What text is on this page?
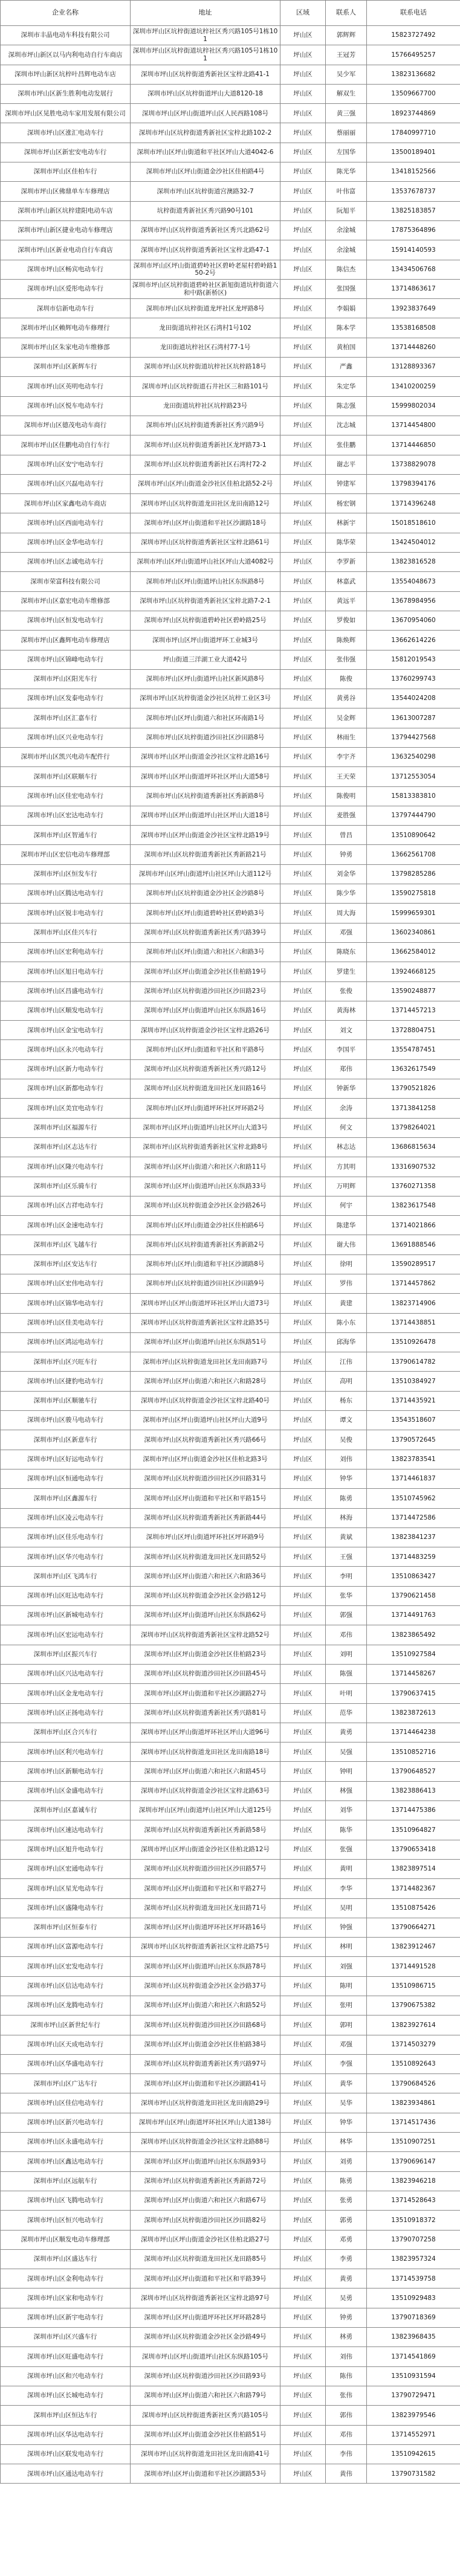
企业名称	地址	区域	联系人	联系电话
深圳市丰晶电动车科技有限公司	深圳市坪山区坑梓街道坑梓社区秀兴路105号1栋101	坪山区	郭辉辉	15823727492
深圳市坪山新区以马内利电动自行车商店	深圳市坪山区坑梓街道坑梓社区秀兴路105号1栋101	坪山区	王冠芳	15766495257
深圳市坪山新区坑梓叶昌辉电动车店	深圳市坪山区坑梓街道秀新社区宝梓北路41-1	坪山区	吴少军	13823136682
深圳市坪山区新生胜利电动发展行	深圳市坪山区坑梓街道坪山大道8120-18	坪山区	解双生	13509667700
深圳市坪山区晃胜电动车家用发展有限公司	深圳市坪山区坪山街道坪山区人民西路108号	坪山区	黄三强	18923744869
深圳市坪山区涨汇电动车行	深圳市坪山区坑梓街道秀新社区宝梓北路102-2	坪山区	蔡丽丽	17840997710
深圳市坪山区新宏安电动车行	深圳市坪山区坪山街道和平社区坪山大道4042-6	坪山区	左国华	13500189401
深圳市坪山区佳柏车行	深圳市坪山区坪山街道金沙社区佳柏路4号	坪山区	陈光华	13418152566
深圳市坪山区佛鼎单车车修理店	深圳市坪山区坑梓街道宫澳路32-7	坪山区	叶伟富	13537678737
深圳市坪山新区坑梓建阳电动车店	坑梓街道秀新社区秀兴路90号101	坪山区	阮旭平	13825183857
深圳市坪山新区捷业电动车修理店	深圳市坪山区坑梓街道秀新社区秀兴北路62号	坪山区	余淦城	17875364896
深圳市坪山区新业电动自行车商店	深圳市坪山区坑梓街道秀新社区宝梓北路47-1	坪山区	余淦城	15914140593
深圳市坪山区畅宾电动车行	深圳市坪山区坪山街道碧岭社区碧岭老屋村碧岭路150-2号	坪山区	陈信杰	13434506768
深圳市坪山区爱彤电动车行	深圳市坪山区坑梓街道碧岭社区新旭街道坑梓街道六和中路(新桥区)	坪山区	张国强	13714863617
深圳市信新电动车行	深圳市坪山区坑梓街道龙坪社区龙坪路8号	坪山区	李娟娟	13923837649
深圳市坪山区赖辉电动车修理行	龙田街道坑梓社区石湾村1号102	坪山区	陈本学	13538168508
深圳市坪山区朱家电动车维修部	龙田街道坑梓社区石湾村77-1号	坪山区	黄柏国	13714448260
深圳市坪山区新辉车行	深圳市坪山区坑梓街道坑梓社区坑梓路18号	坪山区	严鑫	13128893367
深圳市坪山区英明电动车行	深圳市坪山区坑梓街道石井社区三和路101号	坪山区	朱定华	13410200259
深圳市坪山区悦车电动车行	龙田街道坑梓社区坑梓路23号	坪山区	陈志强	15999802034
深圳市坪山区德茂电动车商行	深圳市坪山区坑梓街道秀新社区秀兴路9号	坪山区	沈志城	13714454800
深圳市坪山区佳鹏电动自行车行	深圳市坪山区坑梓街道秀新社区龙坪路73-1	坪山区	张佳鹏	13714446850
深圳市坪山区安宁电动车行	深圳市坪山区坑梓街道秀新社区石湾村72-2	坪山区	谢志平	13738829078
深圳市坪山区兴磊电动车行	深圳市坪山区坪山街道金沙社区佳柏北路52-2号	坪山区	钟建军	13798394176
深圳市坪山区家鑫电动车商店	深圳市坪山区坑梓街道龙田社区龙田南路12号	坪山区	杨宏钢	13714396248
深圳市坪山区西面电动车行	深圳市坪山区坪山街道和平社区沙湖路18号	坪山区	林新宇	15018518610
深圳市坪山区金华电动车行	深圳市坪山区坑梓街道秀新社区宝梓北路61号	坪山区	陈华荣	13424504012
深圳市坪山区志诚电动车行	深圳市坪山区坪山街道坪山社区坪山大道4082号	坪山区	李罗新	13823816528
深圳市荣富科技有限公司	深圳市坪山区坪山街道坪山社区东纵路8号	坪山区	林嘉武	13554048673
深圳市坪山区嘉宏电动车维修部	深圳市坪山区坑梓街道秀新社区宝梓北路7-2-1	坪山区	黄远平	13678984956
深圳市坪山区恒发电动车行	深圳市坪山区坑梓街道碧岭社区碧岭路25号	坪山区	罗俊如	13670954060
深圳市坪山区鑫辉电动车修理店	深圳市坪山区坪山街道坪环工业城3号	坪山区	陈焕辉	13662614226
深圳市坪山区锦峰电动车行	坪山街道三洋湖工业大道42号	坪山区	张伟强	15812019543
深圳市坪山区阳光车行	深圳市坪山区坪山街道坪山社区新风路8号	坪山区	陈俊	13760299743
深圳市坪山区发泰电动车行	深圳市坪山区坑梓街道金沙社区坑梓工业区3号	坪山区	黄勇谷	13544024208
深圳市坪山区汇嘉车行	深圳市坪山区坪山街道六和社区环南路1号	坪山区	吴金辉	13613007287
深圳市坪山区兴业电动车行	深圳市坪山区坑梓街道沙田社区沙田路8号	坪山区	林雨生	13794427568
深圳市坪山区凯兴电动车配件行	深圳市坪山区坪山街道金沙社区宝梓北路16号	坪山区	李宇齐	13632540298
深圳市坪山区联顺车行	深圳市坪山区坪山街道坪环社区坪山大道58号	坪山区	王天荣	13712553054
深圳市坪山区佳宏电动车行	深圳市坪山区坑梓街道秀新社区秀新路8号	坪山区	陈俊明	15813383810
深圳市坪山区宏达电动车行	深圳市坪山区坪山街道坪山社区坪山大道18号	坪山区	麦胜强	13797444790
深圳市坪山区智通车行	深圳市坪山区坪山街道金沙社区宝梓北路19号	坪山区	曾昌	13510890642
深圳市坪山区宏信电动车修理部	深圳市坪山区坑梓街道秀新社区秀新路21号	坪山区	钟勇	13662561708
深圳市坪山区恒发车行	深圳市坪山区坪山街道坪山社区坪山大道112号	坪山区	刘金华	13798285286
深圳市坪山区腾达电动车行	深圳市坪山区坑梓街道金沙社区金沙路8号	坪山区	陈少华	13590275818
深圳市坪山区锐丰电动车行	深圳市坪山区坪山街道碧岭社区碧岭路3号	坪山区	周大海	15999659301
深圳市坪山区佳兴车行	深圳市坪山区坑梓街道秀新社区秀兴路39号	坪山区	邓强	13602340861
深圳市坪山区宏利电动车行	深圳市坪山区坪山街道六和社区六和路3号	坪山区	陈晓东	13662584012
深圳市坪山区旭日电动车行	深圳市坪山区坪山街道金沙社区佳柏路19号	坪山区	罗建生	13924668125
深圳市坪山区昌盛电动车行	深圳市坪山区坑梓街道沙田社区沙田路23号	坪山区	张俊	13590248877
深圳市坪山区顺发电动车行	深圳市坪山区坪山街道坪山社区东纵路16号	坪山区	黄海林	13714457213
深圳市坪山区金宝电动车行	深圳市坪山区坑梓街道金沙社区宝梓北路26号	坪山区	刘文	13728804751
深圳市坪山区永兴电动车行	深圳市坪山区坪山街道和平社区和平路8号	坪山区	李国平	13554787451
深圳市坪山区新力电动车行	深圳市坪山区坑梓街道秀新社区秀兴路12号	坪山区	郑伟	13632617549
深圳市坪山区新都电动车行	深圳市坪山区坑梓街道龙田社区龙田路16号	坪山区	钟新华	13790521826
深圳市坪山区美宜电动车行	深圳市坪山区坪山街道坪环社区坪环路2号	坪山区	余涛	13713841258
深圳市坪山区福源车行	深圳市坪山区坪山街道坪山社区坪山大道3号	坪山区	何文	13798264021
深圳市坪山区志达车行	深圳市坪山区坑梓街道秀新社区宝梓北路8号	坪山区	林志达	13686815634
深圳市坪山区隆兴电动车行	深圳市坪山区坪山街道六和社区六和路11号	坪山区	方其明	13316907532
深圳市坪山区乐骑车行	深圳市坪山区坪山街道坪山社区东纵路33号	坪山区	万明辉	13760271358
深圳市坪山区吉祥电动车行	深圳市坪山区坑梓街道金沙社区金沙路26号	坪山区	何宇	13823617548
深圳市坪山区金速电动车行	深圳市坪山区坪山街道金沙社区佳柏路6号	坪山区	陈建华	13714021866
深圳市坪山区飞越车行	深圳市坪山区坑梓街道秀新社区秀新路2号	坪山区	谢大伟	13691888546
深圳市坪山区安达车行	深圳市坪山区坪山街道和平社区沙湖路8号	坪山区	徐明	13590289517
深圳市坪山区宏伟电动车行	深圳市坪山区坑梓街道沙田社区沙田路9号	坪山区	罗伟	13714457862
深圳市坪山区锦华电动车行	深圳市坪山区坪山街道坪环社区坪山大道73号	坪山区	黄建	13823714906
深圳市坪山区佳美电动车行	深圳市坪山区坑梓街道秀新社区宝梓北路35号	坪山区	陈小东	13714438851
深圳市坪山区鸿运电动车行	深圳市坪山区坪山街道坪山社区东纵路51号	坪山区	邱海华	13510926478
深圳市坪山区兴旺车行	深圳市坪山区坑梓街道龙田社区龙田南路7号	坪山区	江伟	13790614782
深圳市坪山区捷豹电动车行	深圳市坪山区坪山街道六和社区六和路28号	坪山区	高明	13510384927
深圳市坪山区顺驰车行	深圳市坪山区坑梓街道金沙社区宝梓北路40号	坪山区	杨东	13714435921
深圳市坪山区骏马电动车行	深圳市坪山区坪山街道坪山社区坪山大道9号	坪山区	谭文	13543518607
深圳市坪山区新意车行	深圳市坪山区坑梓街道秀新社区秀兴路66号	坪山区	吴俊	13790572645
深圳市坪山区好运电动车行	深圳市坪山区坪山街道金沙社区佳柏北路3号	坪山区	刘伟	13823783541
深圳市坪山区恒通电动车行	深圳市坪山区坑梓街道沙田社区沙田路31号	坪山区	钟华	13714461837
深圳市坪山区鑫源车行	深圳市坪山区坪山街道和平社区和平路15号	坪山区	陈勇	13510745962
深圳市坪山区凌云电动车行	深圳市坪山区坑梓街道秀新社区秀新路44号	坪山区	林海	13714472586
深圳市坪山区佳乐电动车行	深圳市坪山区坪山街道坪环社区坪环路9号	坪山区	黄斌	13823841237
深圳市坪山区华兴电动车行	深圳市坪山区坑梓街道龙田社区龙田路52号	坪山区	王强	13714483259
深圳市坪山区飞鸿车行	深圳市坪山区坪山街道六和社区六和路36号	坪山区	李明	13510863427
深圳市坪山区旺达电动车行	深圳市坪山区坑梓街道金沙社区金沙路12号	坪山区	张华	13790621458
深圳市坪山区新城电动车行	深圳市坪山区坪山街道坪山社区东纵路62号	坪山区	郭强	13714491763
深圳市坪山区宏运电动车行	深圳市坪山区坑梓街道秀新社区宝梓北路52号	坪山区	邓伟	13823865492
深圳市坪山区振兴车行	深圳市坪山区坪山街道金沙社区佳柏路23号	坪山区	刘明	13510927584
深圳市坪山区兴达电动车行	深圳市坪山区坑梓街道沙田社区沙田路45号	坪山区	陈强	13714458267
深圳市坪山区金龙电动车行	深圳市坪山区坪山街道和平社区沙湖路27号	坪山区	叶明	13790637415
深圳市坪山区正扬电动车行	深圳市坪山区坑梓街道秀新社区秀兴路81号	坪山区	范华	13823872613
深圳市坪山区合兴车行	深圳市坪山区坪山街道坪环社区坪山大道96号	坪山区	黄勇	13714464238
深圳市坪山区利兴电动车行	深圳市坪山区坑梓街道龙田社区龙田南路18号	坪山区	吴强	13510852716
深圳市坪山区新顺电动车行	深圳市坪山区坪山街道六和社区六和路45号	坪山区	钟明	13790648527
深圳市坪山区金盛电动车行	深圳市坪山区坑梓街道金沙社区宝梓北路63号	坪山区	林强	13823886413
深圳市坪山区嘉诚车行	深圳市坪山区坪山街道坪山社区坪山大道125号	坪山区	刘华	13714475386
深圳市坪山区速达电动车行	深圳市坪山区坑梓街道秀新社区秀新路58号	坪山区	陈华	13510964827
深圳市坪山区旭升电动车行	深圳市坪山区坪山街道金沙社区佳柏北路12号	坪山区	张强	13790653418
深圳市坪山区宏通电动车行	深圳市坪山区坑梓街道沙田社区沙田路57号	坪山区	黄明	13823897514
深圳市坪山区星光电动车行	深圳市坪山区坪山街道和平社区和平路27号	坪山区	李华	13714482367
深圳市坪山区盛隆电动车行	深圳市坪山区坑梓街道龙田社区龙田路71号	坪山区	吴明	13510875426
深圳市坪山区恒泰车行	深圳市坪山区坪山街道坪环社区坪环路16号	坪山区	钟强	13790664271
深圳市坪山区富源电动车行	深圳市坪山区坑梓街道秀新社区宝梓北路75号	坪山区	林明	13823912467
深圳市坪山区宏发电动车行	深圳市坪山区坪山街道坪山社区东纵路78号	坪山区	刘强	13714491528
深圳市坪山区信达电动车行	深圳市坪山区坑梓街道金沙社区金沙路37号	坪山区	陈明	13510986715
深圳市坪山区龙腾电动车行	深圳市坪山区坪山街道六和社区六和路52号	坪山区	张明	13790675382
深圳市坪山区新世纪车行	深圳市坪山区坑梓街道沙田社区沙田路68号	坪山区	郭明	13823927614
深圳市坪山区天成电动车行	深圳市坪山区坪山街道金沙社区佳柏路38号	坪山区	邓强	13714503279
深圳市坪山区华盛电动车行	深圳市坪山区坑梓街道秀新社区秀兴路97号	坪山区	李强	13510892643
深圳市坪山区广达车行	深圳市坪山区坪山街道和平社区沙湖路41号	坪山区	黄华	13790684526
深圳市坪山区佳信电动车行	深圳市坪山区坑梓街道龙田社区龙田南路29号	坪山区	吴华	13823934861
深圳市坪山区新兴电动车行	深圳市坪山区坪山街道坪环社区坪山大道138号	坪山区	钟华	13714517436
深圳市坪山区永盛电动车行	深圳市坪山区坑梓街道金沙社区宝梓北路88号	坪山区	林华	13510907251
深圳市坪山区鑫达电动车行	深圳市坪山区坪山街道坪山社区东纵路93号	坪山区	刘勇	13790696147
深圳市坪山区远航车行	深圳市坪山区坑梓街道秀新社区秀新路72号	坪山区	陈勇	13823946218
深圳市坪山区飞腾电动车行	深圳市坪山区坪山街道六和社区六和路67号	坪山区	张勇	13714528643
深圳市坪山区恒兴电动车行	深圳市坪山区坑梓街道沙田社区沙田路82号	坪山区	郭勇	13510918372
深圳市坪山区顺发电动车修理部	深圳市坪山区坪山街道金沙社区佳柏北路27号	坪山区	邓勇	13790707258
深圳市坪山区盛达车行	深圳市坪山区坑梓街道龙田社区龙田路85号	坪山区	李勇	13823957324
深圳市坪山区金利电动车行	深圳市坪山区坪山街道和平社区和平路39号	坪山区	黄勇	13714539758
深圳市坪山区家和电动车行	深圳市坪山区坑梓街道秀新社区宝梓北路97号	坪山区	吴勇	13510929483
深圳市坪山区新宇电动车行	深圳市坪山区坪山街道坪环社区坪环路28号	坪山区	钟勇	13790718369
深圳市坪山区兴盛车行	深圳市坪山区坑梓街道金沙社区金沙路49号	坪山区	林勇	13823968435
深圳市坪山区旺盛电动车行	深圳市坪山区坪山街道坪山社区东纵路105号	坪山区	刘伟	13714541869
深圳市坪山区和兴电动车行	深圳市坪山区坑梓街道沙田社区沙田路93号	坪山区	陈伟	13510931594
深圳市坪山区长城电动车行	深圳市坪山区坪山街道六和社区六和路79号	坪山区	张伟	13790729471
深圳市坪山区恒达车行	深圳市坪山区坑梓街道秀新社区秀兴路105号	坪山区	郭伟	13823979546
深圳市坪山区华达电动车行	深圳市坪山区坪山街道金沙社区佳柏路51号	坪山区	邓伟	13714552971
深圳市坪山区联发电动车行	深圳市坪山区坑梓街道龙田社区龙田南路41号	坪山区	李伟	13510942615
深圳市坪山区通达电动车行	深圳市坪山区坪山街道和平社区沙湖路53号	坪山区	黄伟	13790731582
